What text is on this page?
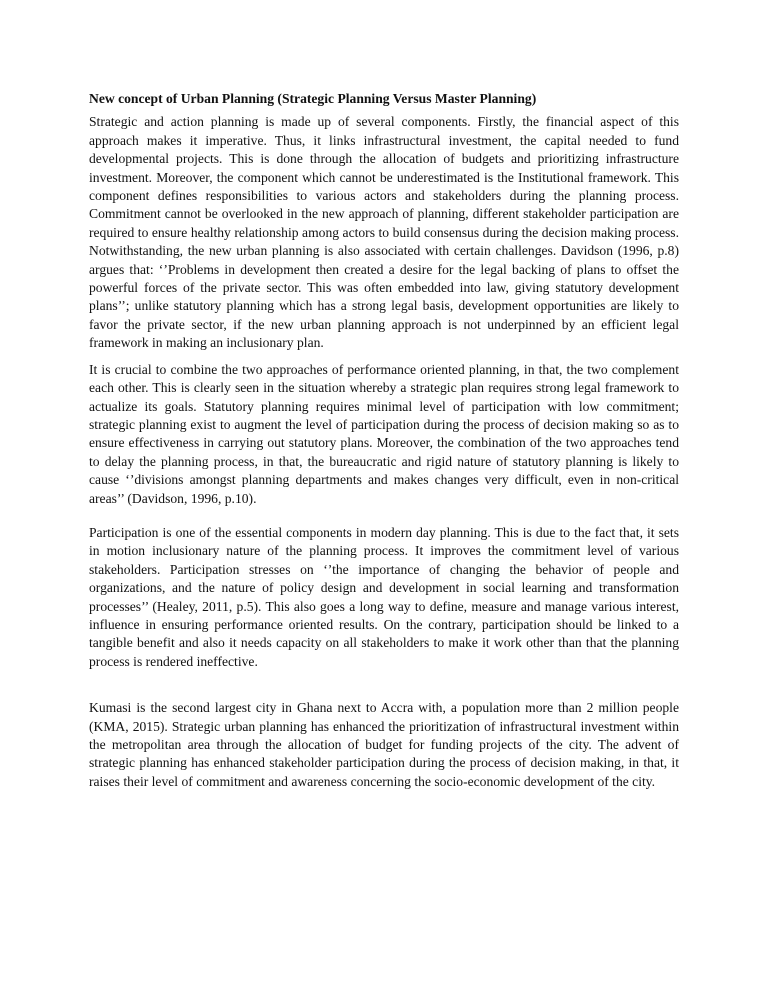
New concept of Urban Planning (Strategic Planning Versus Master Planning)

Strategic and action planning is made up of several components. Firstly, the financial aspect of this approach makes it imperative. Thus, it links infrastructural investment, the capital needed to fund developmental projects. This is done through the allocation of budgets and prioritizing infrastructure investment. Moreover, the component which cannot be underestimated is the Institutional framework. This component defines responsibilities to various actors and stakeholders during the planning process. Commitment cannot be overlooked in the new approach of planning, different stakeholder participation are required to ensure healthy relationship among actors to build consensus during the decision making process. Notwithstanding, the new urban planning is also associated with certain challenges. Davidson (1996, p.8) argues that: ‘’Problems in development then created a desire for the legal backing of plans to offset the powerful forces of the private sector. This was often embedded into law, giving statutory development plans’’; unlike statutory planning which has a strong legal basis, development opportunities are likely to favor the private sector, if the new urban planning approach is not underpinned by an efficient legal framework in making an inclusionary plan.

It is crucial to combine the two approaches of performance oriented planning, in that, the two complement each other. This is clearly seen in the situation whereby a strategic plan requires strong legal framework to actualize its goals. Statutory planning requires minimal level of participation with low commitment; strategic planning exist to augment the level of participation during the process of decision making so as to ensure effectiveness in carrying out statutory plans. Moreover, the combination of the two approaches tend to delay the planning process, in that, the bureaucratic and rigid nature of statutory planning is likely to cause ‘’divisions amongst planning departments and makes changes very difficult, even in non-critical areas’’ (Davidson, 1996, p.10).

Participation is one of the essential components in modern day planning. This is due to the fact that, it sets in motion inclusionary nature of the planning process. It improves the commitment level of various stakeholders. Participation stresses on ‘’the importance of changing the behavior of people and organizations, and the nature of policy design and development in social learning and transformation processes’’ (Healey, 2011, p.5). This also goes a long way to define, measure and manage various interest, influence in ensuring performance oriented results. On the contrary, participation should be linked to a tangible benefit and also it needs capacity on all stakeholders to make it work other than that the planning process is rendered ineffective.

Kumasi is the second largest city in Ghana next to Accra with, a population more than 2 million people (KMA, 2015). Strategic urban planning has enhanced the prioritization of infrastructural investment within the metropolitan area through the allocation of budget for funding projects of the city. The advent of strategic planning has enhanced stakeholder participation during the process of decision making, in that, it raises their level of commitment and awareness concerning the socio-economic development of the city.
